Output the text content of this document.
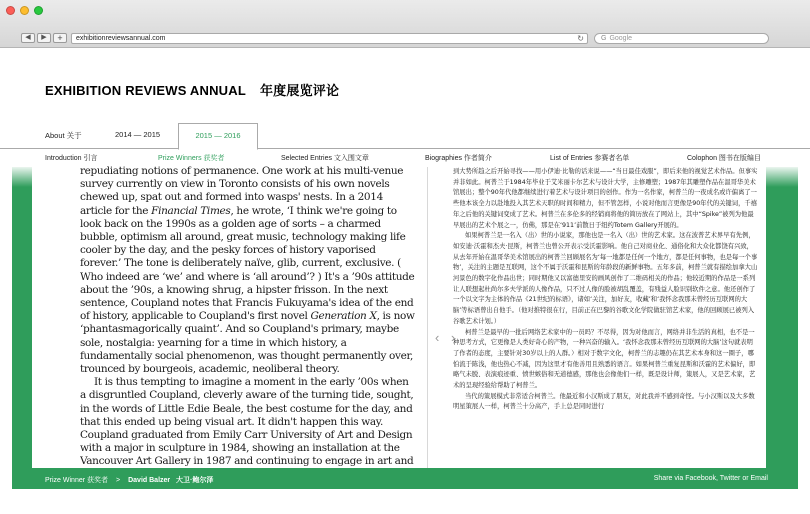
◀	▶	+	exhibitionreviewsannual.com	↻	G Google
EXHIBITION REVIEWS ANNUAL 年度展览评论
About 关于	2014 — 2015	2015 — 2016
Introduction 引言	Prize Winners 获奖者	Selected Entries 文入围文章	Biographies 作者简介	List of Entries 参赛者名单	Colophon 图书在版编目

repudiating notions of permanence. One work at his multi-venue survey currently on view in Toronto consists of his own novels chewed up, spat out and formed into wasps' nests. In a 2014 article for the Financial Times, he wrote, ‘I think we're going to look back on the 1990s as a golden age of sorts – a charmed bubble, optimism all around, great music, technology making life cooler by the day, and the pesky forces of history vaporised forever.’ The tone is deliberately naïve, glib, current, exclusive. ( Who indeed are ‘we’ and where is ‘all around’? ) It's a ’90s attitude about the ’90s, a knowing shrug, a hipster frisson. In the next sentence, Coupland notes that Francis Fukuyama's idea of the end of history, applicable to Coupland's first novel Generation X, is now ‘phantasmagorically quaint’. And so Coupland's primary, maybe sole, nostalgia: yearning for a time in which history, a fundamentally social phenomenon, was thought permanently over, trounced by bourgeois, academic, neoliberal theory.

It is thus tempting to imagine a moment in the early ’00s when a disgruntled Coupland, cleverly aware of the turning tide, sought, in the words of Little Edie Beale, the best costume for the day, and that this ended up being visual art. It didn't happen this way. Coupland graduated from Emily Carr University of Art and Design with a major in sculpture in 1984, showing an installation at the Vancouver Art Gallery in 1987 and continuing to engage in art and

‹ ›

到大势所趋之后开始寻找——用小伊迪·比勒的话来说——“当日最佳戏服”，即后来他的视觉艺术作品。但事实并非如此。柯普兰于1984年毕业于艾米丽卡尔艺术与设计大学，主修雕塑；1987年其雕塑作品在温哥华美术馆展出；整个90年代他都继续进行着艺术与设计项目的创作。作为一名作家，柯普兰的一夜成名或许偏离了一些他本该全力以赴地投入其艺术天职的时间和精力，但不管怎样，小说对他而言更像是90年代的关键词，千禧年之后他的关键词变成了艺术。柯普兰在多伦多的经销商将他的简历放在了网站上，其中“Spike”被列为他最早展出的艺术个展之一，仿佛，那是在‘911’前散日于纽约Totem Gallery开展的。

如果柯普兰是一名入（出）世的小说家，那他也是一名入（出）世的艺术家。这在波普艺术界早有先例，如安迪·沃霍和杰夫·昆斯，柯普兰也曾公开表示受沃霍影响。他自己对商业化、通俗化和大众化都饶有兴致，从去年开始在温哥华美术馆展出的柯普兰回顾展名为‘每一地都是任何一个地方，都是任何事物，也是每一个事物’，关注的主题是互联网，这个不属于沃霍和昆斯的年龄段的新鲜事物。五年多前，柯普兰就有描绘加拿大山河景色的数字化作品出世；同时期他又以富德里安的画风创作了二维码相关的作品；他较近期的作品是一系列让人联想起杜尚尔多夫学派的人像作品，只不过人像的脸被胡乱覆盖，有残益人脸识别软件之意。他还创作了一个以文字为主体的作品《21世纪的标语》，诸如‘关注，加好友，收藏’和‘我怀念我那未曾经历互联网的大脑’等标语曾出自他手。（他对推特很在行，目前正在巴黎的谷歌文化学院做驻馆艺术家，他的回顾展已被列入谷歌艺术计划。）

柯普兰是最早的一批后网络艺术家中的一员吗？不尽得，因为对他而言，网络并非生活的真相，也不是一种思考方式，它更像是人类好奇心的产物，一种兴奋的输入。‘我怀念我那未曾经历互联网的大脑’这句就表明了作者的态度，主要针对30岁以上的人群。）相对于数字文化，柯普兰的志趣仍在其艺术本身和这一圈子，哪怕流于陈浅，他也热心不减，因为这里才有他善用且熟悉的语言。如果柯普兰重复昆斯和沃霍的艺术偏好，即略气未脱、表演痕迹重、愤世嫉俗和无道德感，那他也会像他们一样，既是设计师，策展人，又是艺术家，艺术的呈现经验给帮助了柯普兰。

当代的策展模式非常适合柯普兰。他最近和小汉斯成了朋友，对此我并不感到奇怪。与小汉斯以及大多数明星策展人一样，柯普兰十分高产，手上总是同时进行

Prize Winner 获奖者 > David Balzer 大卫·鲍尔泽	Share via Facebook, Twitter or Email
